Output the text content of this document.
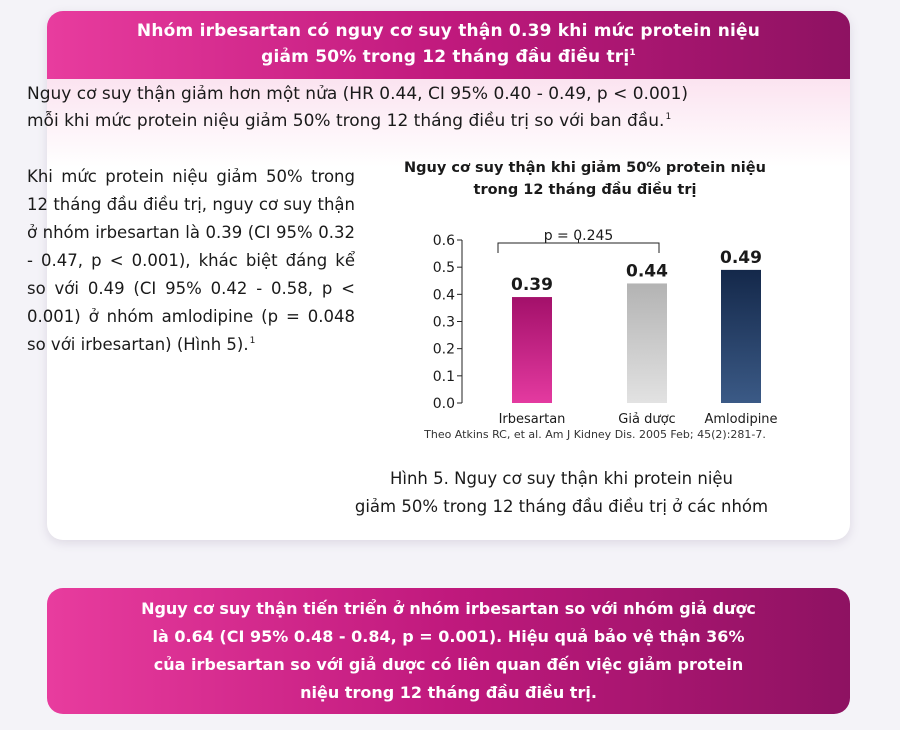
Nhóm irbesartan có nguy cơ suy thận 0.39 khi mức protein niệu
giảm 50% trong 12 tháng đầu điều trị$^1$
Nguy cơ suy thận giảm hơn một nửa (HR 0.44, CI 95% 0.40 - 0.49, p < 0.001)
mỗi khi mức protein niệu giảm 50% trong 12 tháng điều trị so với ban đầu.$^1$
Khi mức protein niệu giảm 50% trong 12 tháng đầu điều trị, nguy cơ suy thận ở nhóm irbesartan là 0.39 (CI 95% 0.32 - 0.47, p < 0.001), khác biệt đáng kể so với 0.49 (CI 95% 0.42 - 0.58, p < 0.001) ở nhóm amlodipine (p = 0.048 so với irbesartan) (Hình 5).$^1$
Nguy cơ suy thận khi giảm 50% protein niệu
trong 12 tháng đầu điều trị
0.0
0.1
0.2
0.3
0.4
0.5
0.6
0.39
Irbesartan
0.44
Giả dược
0.49
Amlodipine
p = 0.245
Theo Atkins RC, et al. Am J Kidney Dis. 2005 Feb; 45(2):281-7.
Hình 5. Nguy cơ suy thận khi protein niệu
giảm 50% trong 12 tháng đầu điều trị ở các nhóm
Nguy cơ suy thận tiến triển ở nhóm irbesartan so với nhóm giả dược
là 0.64 (CI 95% 0.48 - 0.84, p = 0.001). Hiệu quả bảo vệ thận 36%
của irbesartan so với giả dược có liên quan đến việc giảm protein
niệu trong 12 tháng đầu điều trị.
